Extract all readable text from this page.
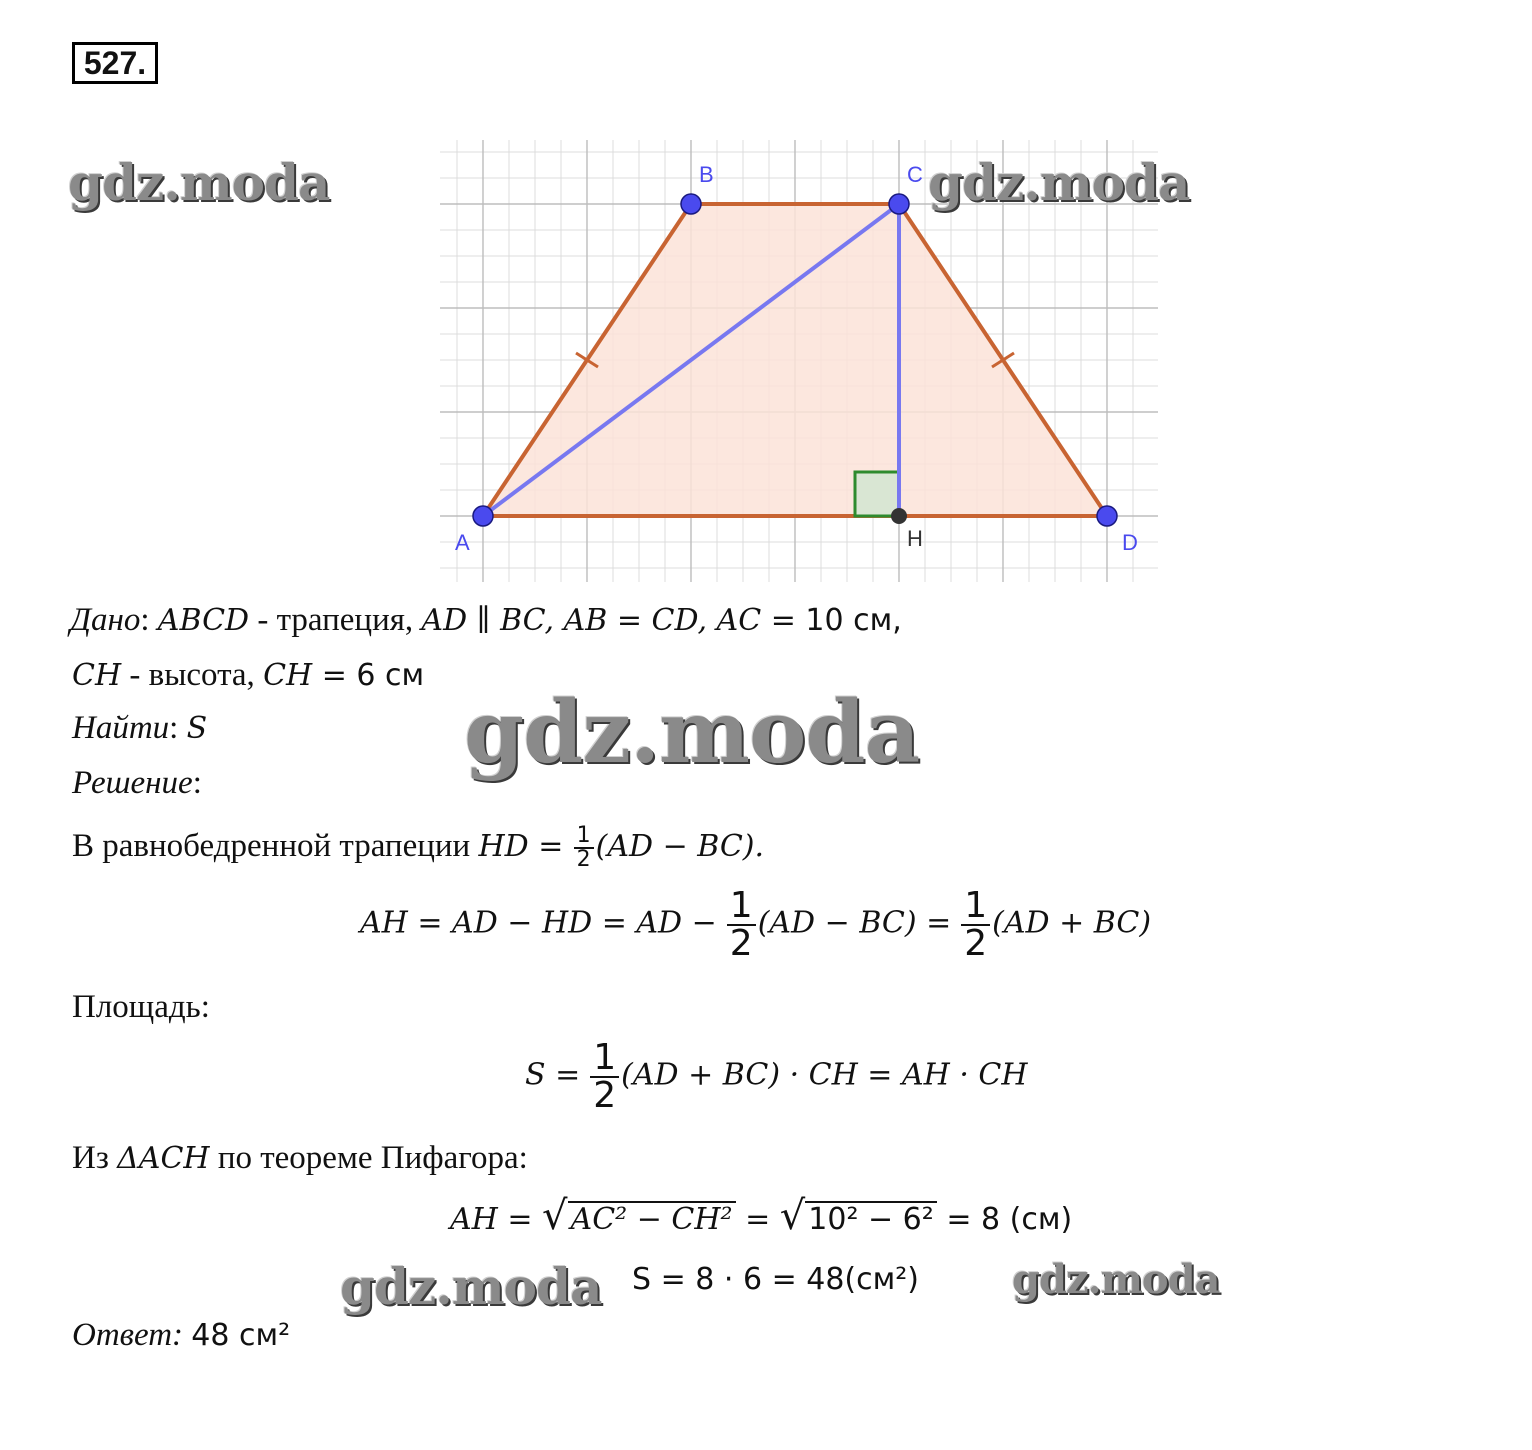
527.
gdz.moda
A
B	C
D
H
gdz.moda
Дано: ABCD - трапеция, AD ∥ BC, AB = CD, AC = 10 см,
CH - высота, CH = 6 см
Найти: S	gdz.moda
Решение:
В равнобедренной трапеции HD = $\frac{1}{2} (AD - BC)$.
AH = AD − HD = AD − $\frac{1}{2} (AD - BC) = \frac{1}{2} (AD + BC)$
Площадь:
$S = \frac{1}{2} (AD + BC)$ · CH = AH · CH
Из ΔACH по теореме Пифагора:
AH = √ AC² − CH² = √ 10² − 6² = 8 (см)
gdz.moda S = 8 · 6 = 48(см²) gdz.moda
Ответ: 48 см²
